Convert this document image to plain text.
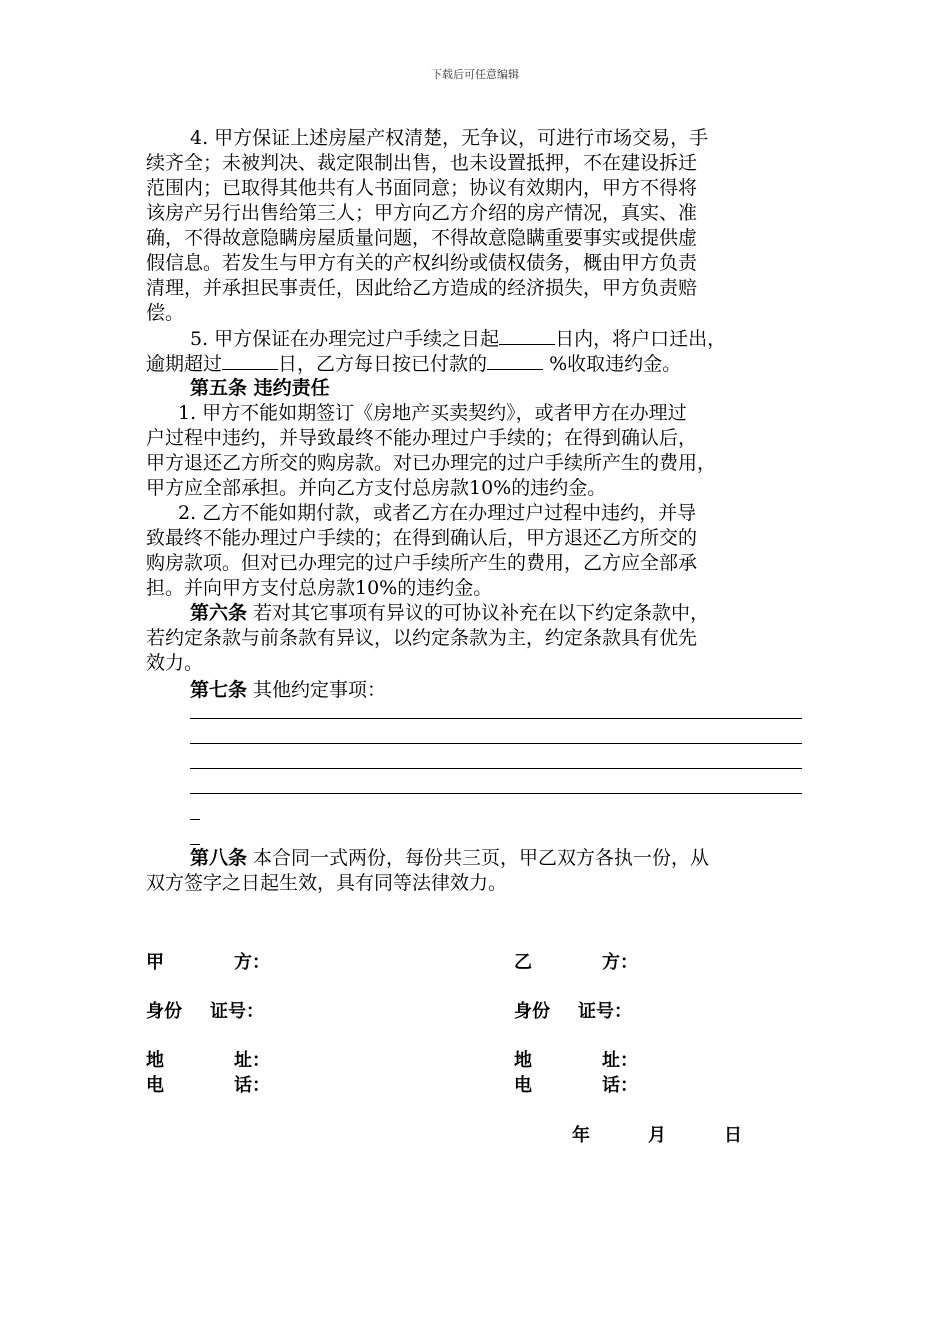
下载后可任意编辑
4. 甲方保证上述房屋产权清楚，无争议，可进行市场交易，手
续齐全；未被判决、裁定限制出售，也未设置抵押，不在建设拆迁
范围内；已取得其他共有人书面同意；协议有效期内，甲方不得将
该房产另行出售给第三人；甲方向乙方介绍的房产情况，真实、准
确，不得故意隐瞒房屋质量问题，不得故意隐瞒重要事实或提供虚
假信息。若发生与甲方有关的产权纠纷或债权债务，概由甲方负责
清理，并承担民事责任，因此给乙方造成的经济损失，甲方负责赔
偿。
5. 甲方保证在办理完过户手续之日起	日内，将户口迁出，
逾期超过	日，乙方每日按已付款的	%收取违约金。
第五条 违约责任
1. 甲方不能如期签订《房地产买卖契约》，或者甲方在办理过
户过程中违约，并导致最终不能办理过户手续的；在得到确认后，
甲方退还乙方所交的购房款。对已办理完的过户手续所产生的费用，
甲方应全部承担。并向乙方支付总房款10%的违约金。
2. 乙方不能如期付款，或者乙方在办理过户过程中违约，并导
致最终不能办理过户手续的；在得到确认后，甲方退还乙方所交的
购房款项。但对已办理完的过户手续所产生的费用，乙方应全部承
担。并向甲方支付总房款10%的违约金。
第六条 若对其它事项有异议的可协议补充在以下约定条款中，
若约定条款与前条款有异议，以约定条款为主，约定条款具有优先
效力。
第七条 其他约定事项：
第八条 本合同一式两份，每份共三页，甲乙双方各执一份，从
双方签字之日起生效，具有同等法律效力。
甲	方：	乙	方：
身份 证号：	身份 证号：
地	址：	地	址：
电	话：	电	话：
年	月	日
